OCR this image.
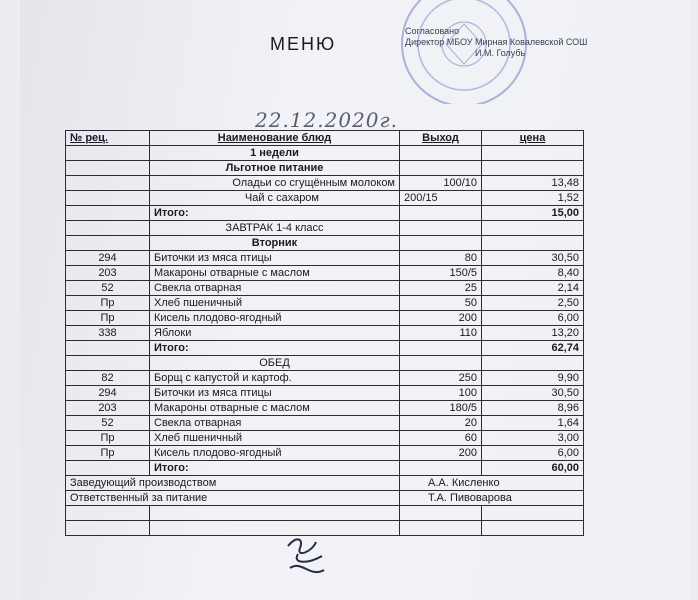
МЕНЮ
Согласовано
Директор МБОУ Мирная Ковалевской СОШ
И.М. Голубь
22.12.2020г.
№ рец.	Наименование блюд	Выход	цена
	1 недели		
	Льготное питание		
	Оладьи со сгущённым молоком	100/10	13,48
	Чай с сахаром	200/15	1,52
	Итого:		15,00
	ЗАВТРАК 1-4 класс		
	Вторник		
294	Биточки из мяса птицы	80	30,50
203	Макароны отварные с маслом	150/5	8,40
52	Свекла отварная	25	2,14
Пр	Хлеб пшеничный	50	2,50
Пр	Кисель плодово-ягодный	200	6,00
338	Яблоки	110	13,20
	Итого:		62,74
	ОБЕД		
82	Борщ с капустой и картоф.	250	9,90
294	Биточки из мяса птицы	100	30,50
203	Макароны отварные с маслом	180/5	8,96
52	Свекла отварная	20	1,64
Пр	Хлеб пшеничный	60	3,00
Пр	Кисель плодово-ягодный	200	6,00
	Итого:		60,00
Заведующий производством		А.А. Кисленко	
Ответственный за питание		Т.А. Пивоварова	
